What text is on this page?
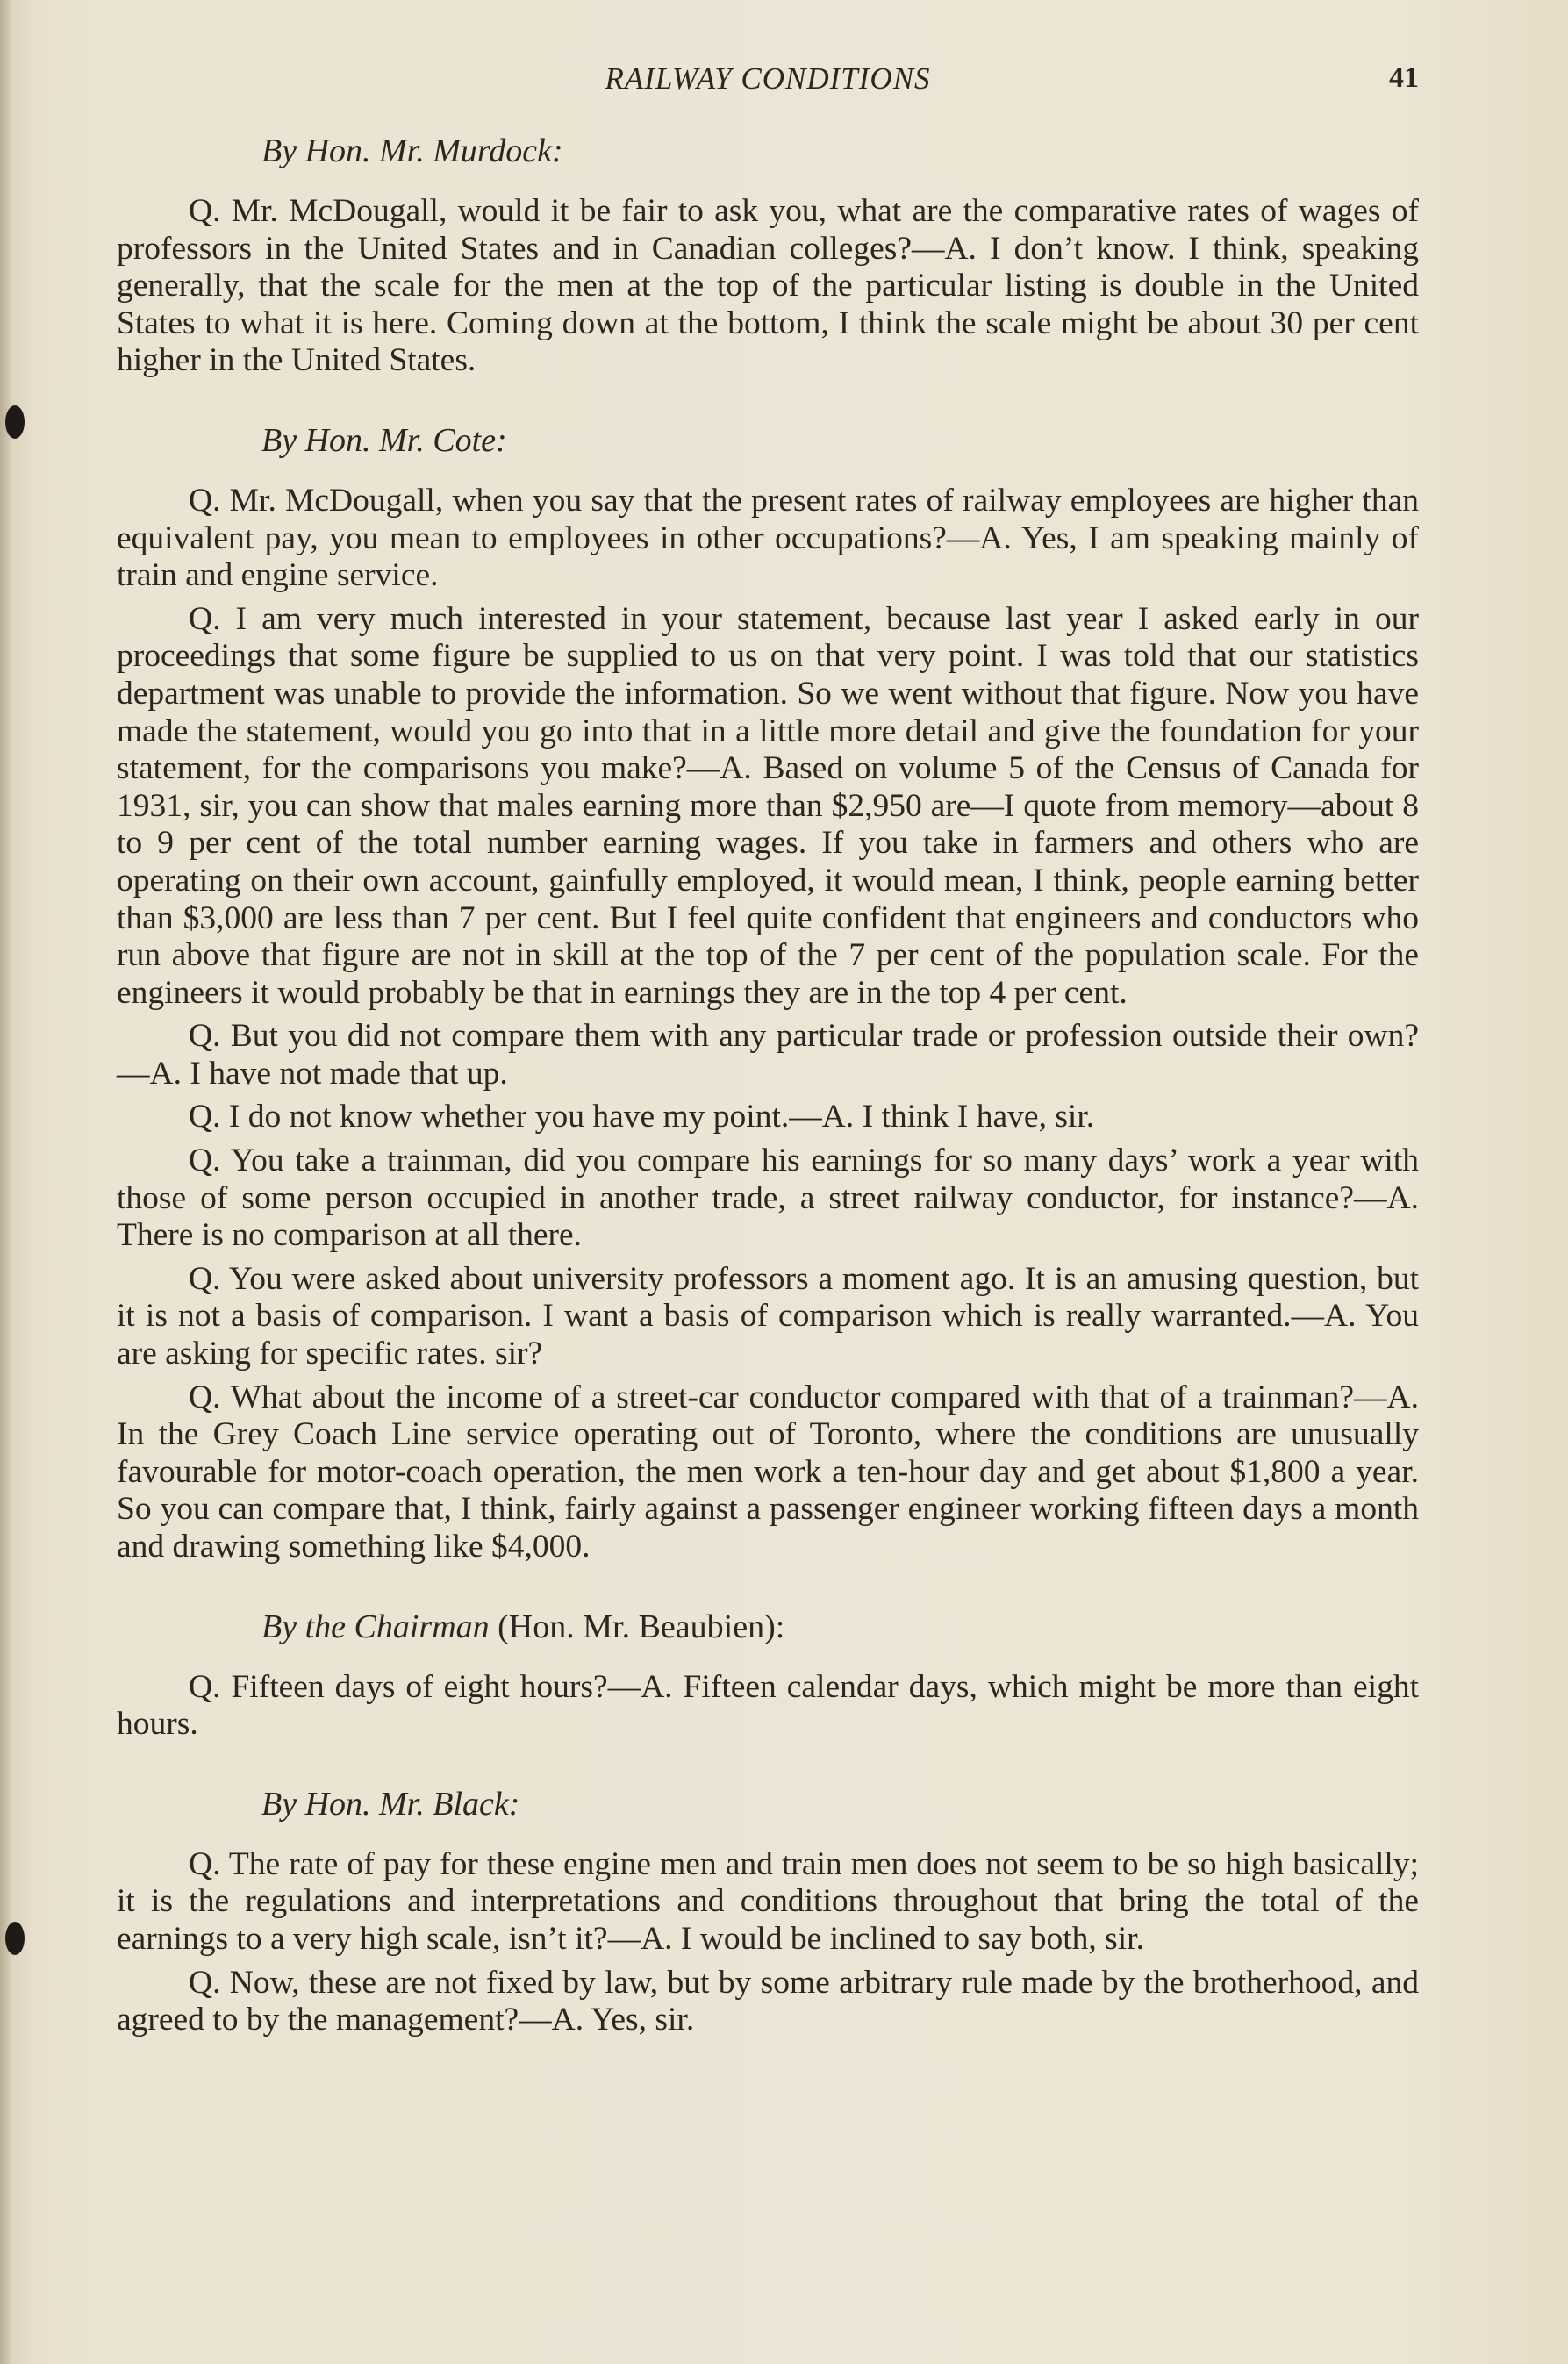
RAILWAY CONDITIONS	41
By Hon. Mr. Murdock:

Q. Mr. McDougall, would it be fair to ask you, what are the comparative rates of wages of professors in the United States and in Canadian colleges?—A. I don’t know. I think, speaking generally, that the scale for the men at the top of the particular listing is double in the United States to what it is here. Coming down at the bottom, I think the scale might be about 30 per cent higher in the United States.

By Hon. Mr. Cote:

Q. Mr. McDougall, when you say that the present rates of railway employees are higher than equivalent pay, you mean to employees in other occupations?—A. Yes, I am speaking mainly of train and engine service.

Q. I am very much interested in your statement, because last year I asked early in our proceedings that some figure be supplied to us on that very point. I was told that our statistics department was unable to provide the information. So we went without that figure. Now you have made the statement, would you go into that in a little more detail and give the foundation for your statement, for the comparisons you make?—A. Based on volume 5 of the Census of Canada for 1931, sir, you can show that males earning more than $2,950 are—I quote from memory—about 8 to 9 per cent of the total number earning wages. If you take in farmers and others who are operating on their own account, gainfully employed, it would mean, I think, people earning better than $3,000 are less than 7 per cent. But I feel quite confident that engineers and conductors who run above that figure are not in skill at the top of the 7 per cent of the population scale. For the engineers it would probably be that in earnings they are in the top 4 per cent.

Q. But you did not compare them with any particular trade or profession outside their own?—A. I have not made that up.

Q. I do not know whether you have my point.—A. I think I have, sir.

Q. You take a trainman, did you compare his earnings for so many days’ work a year with those of some person occupied in another trade, a street railway conductor, for instance?—A. There is no comparison at all there.

Q. You were asked about university professors a moment ago. It is an amusing question, but it is not a basis of comparison. I want a basis of comparison which is really warranted.—A. You are asking for specific rates. sir?

Q. What about the income of a street-car conductor compared with that of a trainman?—A. In the Grey Coach Line service operating out of Toronto, where the conditions are unusually favourable for motor-coach operation, the men work a ten-hour day and get about $1,800 a year. So you can compare that, I think, fairly against a passenger engineer working fifteen days a month and drawing something like $4,000.

By the Chairman (Hon. Mr. Beaubien):

Q. Fifteen days of eight hours?—A. Fifteen calendar days, which might be more than eight hours.

By Hon. Mr. Black:

Q. The rate of pay for these engine men and train men does not seem to be so high basically; it is the regulations and interpretations and conditions throughout that bring the total of the earnings to a very high scale, isn’t it?—A. I would be inclined to say both, sir.

Q. Now, these are not fixed by law, but by some arbitrary rule made by the brotherhood, and agreed to by the management?—A. Yes, sir.
